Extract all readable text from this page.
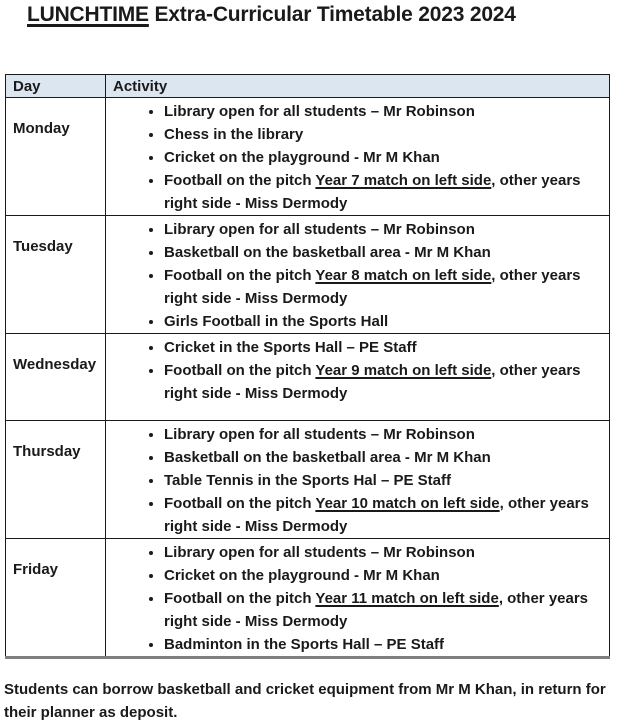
LUNCHTIME Extra-Curricular Timetable 2023 2024
Day	Activity
Monday	
• Library open for all students – Mr Robinson
• Chess in the library
• Cricket on the playground - Mr M Khan
• Football on the pitch Year 7 match on left side, other years right side - Miss Dermody

Tuesday	
• Library open for all students – Mr Robinson
• Basketball on the basketball area - Mr M Khan
• Football on the pitch Year 8 match on left side, other years right side - Miss Dermody
• Girls Football in the Sports Hall

Wednesday	
• Cricket in the Sports Hall – PE Staff
• Football on the pitch Year 9 match on left side, other years right side - Miss Dermody

Thursday	
• Library open for all students – Mr Robinson
• Basketball on the basketball area - Mr M Khan
• Table Tennis in the Sports Hal – PE Staff
• Football on the pitch Year 10 match on left side, other years right side - Miss Dermody

Friday	
• Library open for all students – Mr Robinson
• Cricket on the playground - Mr M Khan
• Football on the pitch Year 11 match on left side, other years right side - Miss Dermody
• Badminton in the Sports Hall – PE Staff

Students can borrow basketball and cricket equipment from Mr M Khan, in return for their planner as deposit.
